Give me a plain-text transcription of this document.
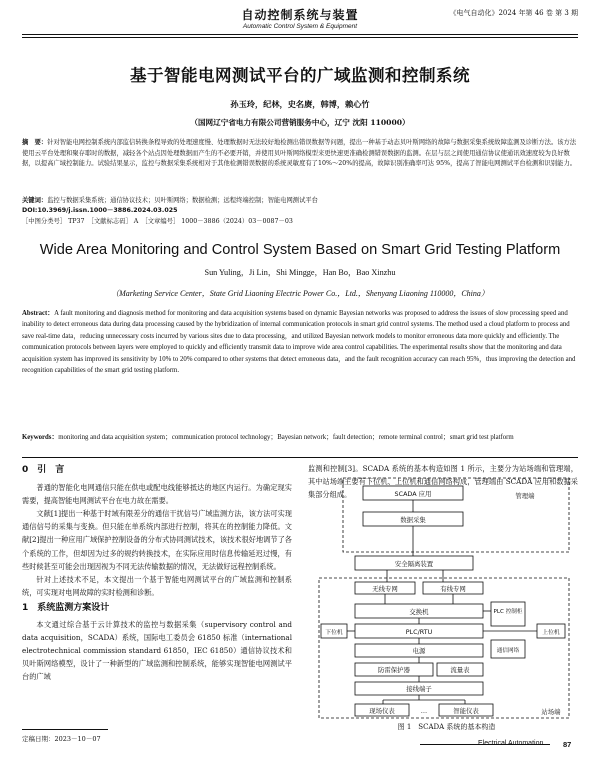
自动控制系统与装置
Automatic Control System & Equipment
《电气自动化》2024 年第 46 卷 第 3 期
基于智能电网测试平台的广域监测和控制系统
孙玉玲，纪林，史名赓，韩博，赖心竹
（国网辽宁省电力有限公司营销服务中心，辽宁 沈阳 110000）
摘　要：针对智能电网控制系统内部监信转换条程导致的处理速度慢、处理数据时无法较好地检测出错误数据等问题，提出一种基于动态贝叶斯网络的故障与数据采集系统故障监测及诊断方法。该方法使用云平台处理和聚存耶时的数据，减轻各个站点因处理数据而产生的不必要开销，并使用贝叶斯网络模型来更快速更准确检测错误数据的监测。在层与层之间使用通信协议使通讯效速度较为良好数据，以提高广域控制能力。试验结果显示，监控与数据采集系统相对于其他检测错误数据的系统灵敏度有了10%～20%的提高，故障识别准确率可达 95%，提高了智能电网测试平台检测和识别能力。
关键词：监控与数据采集系统；通信协议技术；贝叶斯网络；数据检测；远程终端控制；智能电网测试平台
DOI:10.3969/j.issn.1000－3886.2024.03.025
［中图分类号］ TP37　［文献标志码］ A　［文章编号］ 1000－3886（2024）03－0087－03
Wide Area Monitoring and Control System Based on Smart Grid Testing Platform
Sun Yuling，Ji Lin，Shi Mingge，Han Bo，Bao Xinzhu
（Marketing Service Center，State Grid Liaoning Electric Power Co.，Ltd.，Shenyang Liaoning 110000，China）
Abstract：A fault monitoring and diagnosis method for monitoring and data acquisition systems based on dynamic Bayesian networks was proposed to address the issues of slow processing speed and inability to detect erroneous data during data processing caused by the hybridization of internal communication protocols in smart grid control systems. The method used a cloud platform to process and save real-time data，reducing unnecessary costs incurred by various sites due to data processing，and utilized Bayesian network models to monitor erroneous data more quickly and efficiently. The communication protocols between layers were employed to quickly and efficiently transmit data to improve wide area control capabilities. The experimental results show that the monitoring and data acquisition system has improved its sensitivity by 10% to 20% compared to other systems that detect erroneous data，and the fault recognition accuracy can reach 95%，thus improving the detection and recognition capabilities of the smart grid testing platform.
Keywords：monitoring and data acquisition system；communication protocol technology；Bayesian network；fault detection；remote terminal control；smart grid test platform
0　引　言

普通的智能化电网通信只能在供电或配电线能够抵达的地区内运行。为确定现实需要，提高智能电网测试平台在电力故在需要。

文献[1]提出一种基于时域有限差分的通信干扰信号广域监测方法，该方法可实现通信信号的采集与变换。但只能在单系统内部进行控制，将其在的控制能力降低。文献[2]提出一种应用广域保护控制设备的分布式协同测试技术，该技术很好地调节了各个系统的工作，但却因为过多的规约转换技术，在实际应用时信息传输延迟过慢，有些时候甚至可能会出现因视为不同无法传输数据的情况，无法做好远程控制系统。

针对上述技术不足，本文提出一个基于智能电网测试平台的广域监测和控制系统，可实现对电网故障的实时检测和诊断。

1　系统监测方案设计

本文通过综合基于云计算技术的监控与数据采集（supervisory control and data acquisition，SCADA）系统，国际电工委员会 61850 标准（international electrotechnical commission standard 61850，IEC 61850）通信协议技术和贝叶斯网络模型，设计了一种新型的广域监测和控制系统，能够实现智能电网测试平台的广域

监测和控制[3]。SCADA 系统的基本构造如图 1 所示，主要分为站场端和管理端，其中站场端主要有下位机、上位机和通信网络构成，管理端由 SCADA 应用和数据采集部分组成。	SCADA 应用
数据采集
管理端
安全隔离装置
无线专网	有线专网
交换机	PLC 控制柜
PLC/RTU
下位机	上位机
通信网络
电源
防雷保护器	流量表
接线端子
现场仪表	…	智能仪表	站场端
图 1　SCADA 系统的基本构造
定稿日期：2023－10－07
Electrical Automation	87
